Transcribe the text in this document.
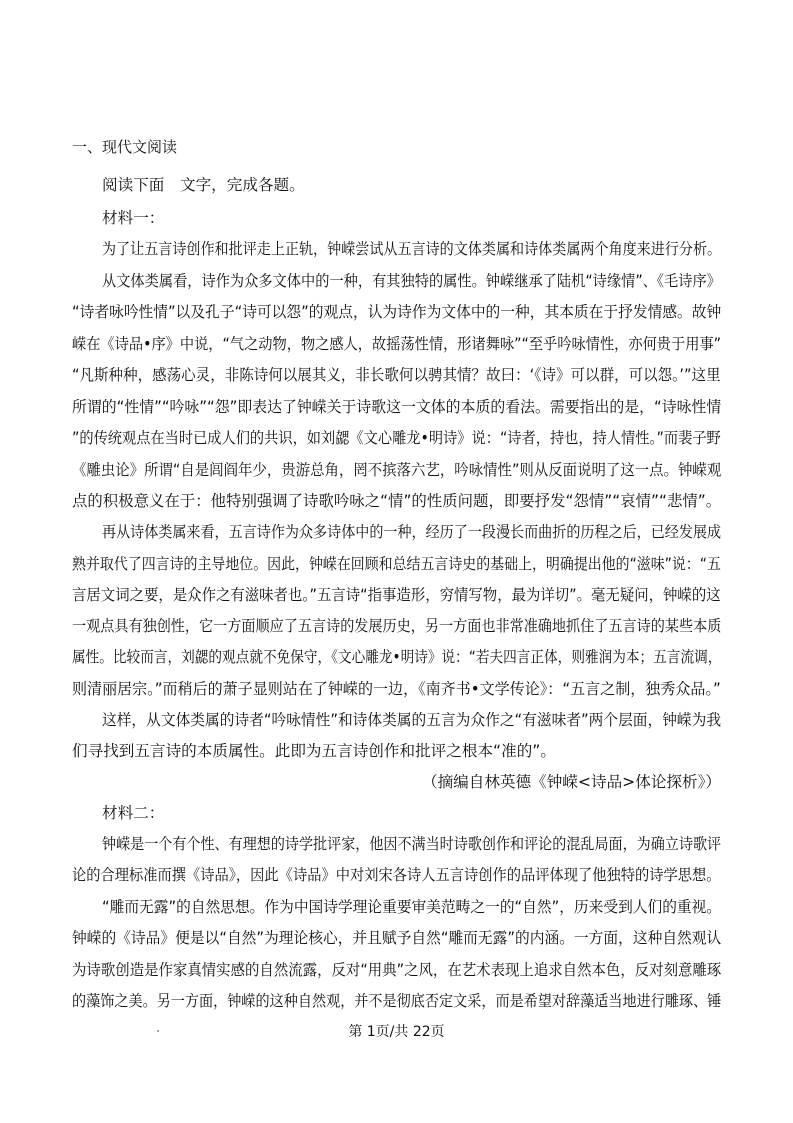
一、现代文阅读
阅读下面　文字，完成各题。
材料一：
为了让五言诗创作和批评走上正轨，钟嵘尝试从五言诗的文体类属和诗体类属两个角度来进行分析。
从文体类属看，诗作为众多文体中的一种，有其独特的属性。钟嵘继承了陆机“诗缘情”、《毛诗序》
“诗者咏吟性情”以及孔子“诗可以怨”的观点，认为诗作为文体中的一种，其本质在于抒发情感。故钟
嵘在《诗品•序》中说，“气之动物，物之感人，故摇荡性情，形诸舞咏”“至乎吟咏情性，亦何贵于用事”
“凡斯种种，感荡心灵，非陈诗何以展其义，非长歌何以骋其情？故曰：‘《诗》可以群，可以怨。’”这里
所谓的“性情”“吟咏”“怨”即表达了钟嵘关于诗歌这一文体的本质的看法。需要指出的是，“诗咏性情
”的传统观点在当时已成人们的共识，如刘勰《文心雕龙•明诗》说：“诗者，持也，持人情性。”而裴子野
《雕虫论》所谓“自是闾阎年少，贵游总角，罔不摈落六艺，吟咏情性”则从反面说明了这一点。钟嵘观
点的积极意义在于：他特别强调了诗歌吟咏之“情”的性质问题，即要抒发“怨情”“哀情”“悲情”。
再从诗体类属来看，五言诗作为众多诗体中的一种，经历了一段漫长而曲折的历程之后，已经发展成
熟并取代了四言诗的主导地位。因此，钟嵘在回顾和总结五言诗史的基础上，明确提出他的“滋味”说：“五
言居文词之要，是众作之有滋味者也。”五言诗“指事造形，穷情写物，最为详切”。毫无疑问，钟嵘的这
一观点具有独创性，它一方面顺应了五言诗的发展历史，另一方面也非常准确地抓住了五言诗的某些本质
属性。比较而言，刘勰的观点就不免保守，《文心雕龙•明诗》说：“若夫四言正体，则雅润为本；五言流调，
则清丽居宗。”而稍后的萧子显则站在了钟嵘的一边，《南齐书•文学传论》：“五言之制，独秀众品。”
这样，从文体类属的诗者“吟咏情性”和诗体类属的五言为众作之“有滋味者”两个层面，钟嵘为我
们寻找到五言诗的本质属性。此即为五言诗创作和批评之根本“准的”。
（摘编自林英德《钟嵘<诗品>体论探析》）
材料二：
钟嵘是一个有个性、有理想的诗学批评家，他因不满当时诗歌创作和评论的混乱局面，为确立诗歌评
论的合理标准而撰《诗品》，因此《诗品》中对刘宋各诗人五言诗创作的品评体现了他独特的诗学思想。
“雕而无露”的自然思想。作为中国诗学理论重要审美范畴之一的“自然”，历来受到人们的重视。
钟嵘的《诗品》便是以“自然”为理论核心，并且赋予自然“雕而无露”的内涵。一方面，这种自然观认
为诗歌创造是作家真情实感的自然流露，反对“用典”之风，在艺术表现上追求自然本色，反对刻意雕琢
的藻饰之美。另一方面，钟嵘的这种自然观，并不是彻底否定文采，而是希望对辞藻适当地进行雕琢、锤
第 1页/共 22页
